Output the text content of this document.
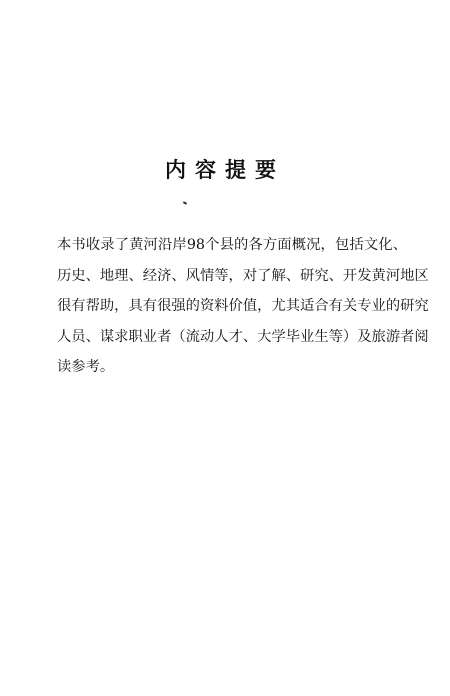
内容提要
本书收录了黄河沿岸98个县的各方面概况，包括文化、
历史、地理、经济、风情等，对了解、研究、开发黄河地区
很有帮助，具有很强的资料价值，尤其适合有关专业的研究
人员、谋求职业者（流动人才、大学毕业生等）及旅游者阅
读参考。
